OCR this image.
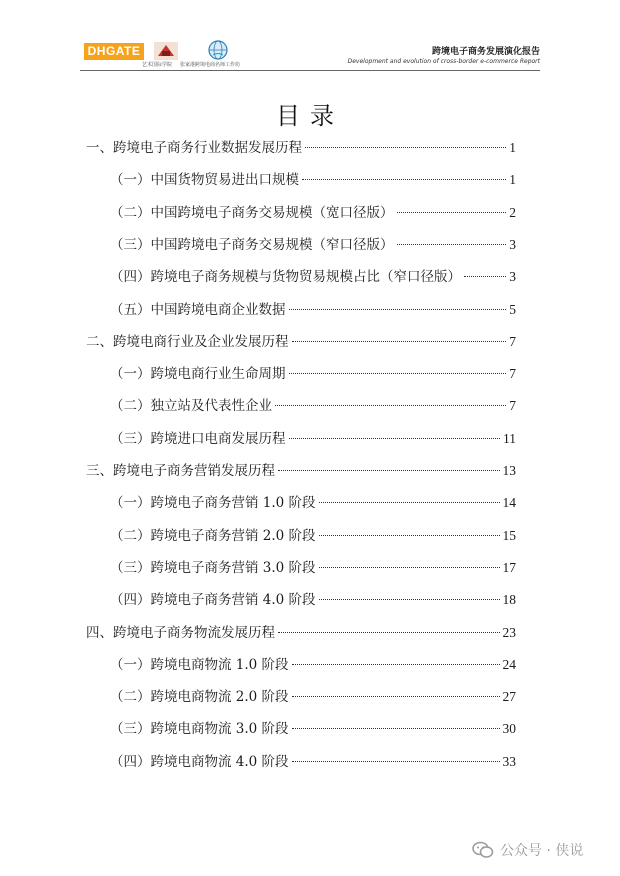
DHGATE
艺术国际学院 张家港跨境电商名师工作坊
跨境电子商务发展演化报告
Development and evolution of cross-border e-commerce Report
目录
一、跨境电子商务行业数据发展历程	1
（一）中国货物贸易进出口规模	1
（二）中国跨境电子商务交易规模（宽口径版）	2
（三）中国跨境电子商务交易规模（窄口径版）	3
（四）跨境电子商务规模与货物贸易规模占比（窄口径版）	3
（五）中国跨境电商企业数据	5
二、跨境电商行业及企业发展历程	7
（一）跨境电商行业生命周期	7
（二）独立站及代表性企业	7
（三）跨境进口电商发展历程	11
三、跨境电子商务营销发展历程	13
（一）跨境电子商务营销 1.0 阶段	14
（二）跨境电子商务营销 2.0 阶段	15
（三）跨境电子商务营销 3.0 阶段	17
（四）跨境电子商务营销 4.0 阶段	18
四、跨境电子商务物流发展历程	23
（一）跨境电商物流 1.0 阶段	24
（二）跨境电商物流 2.0 阶段	27
（三）跨境电商物流 3.0 阶段	30
（四）跨境电商物流 4.0 阶段	33
公众号 · 侠说
